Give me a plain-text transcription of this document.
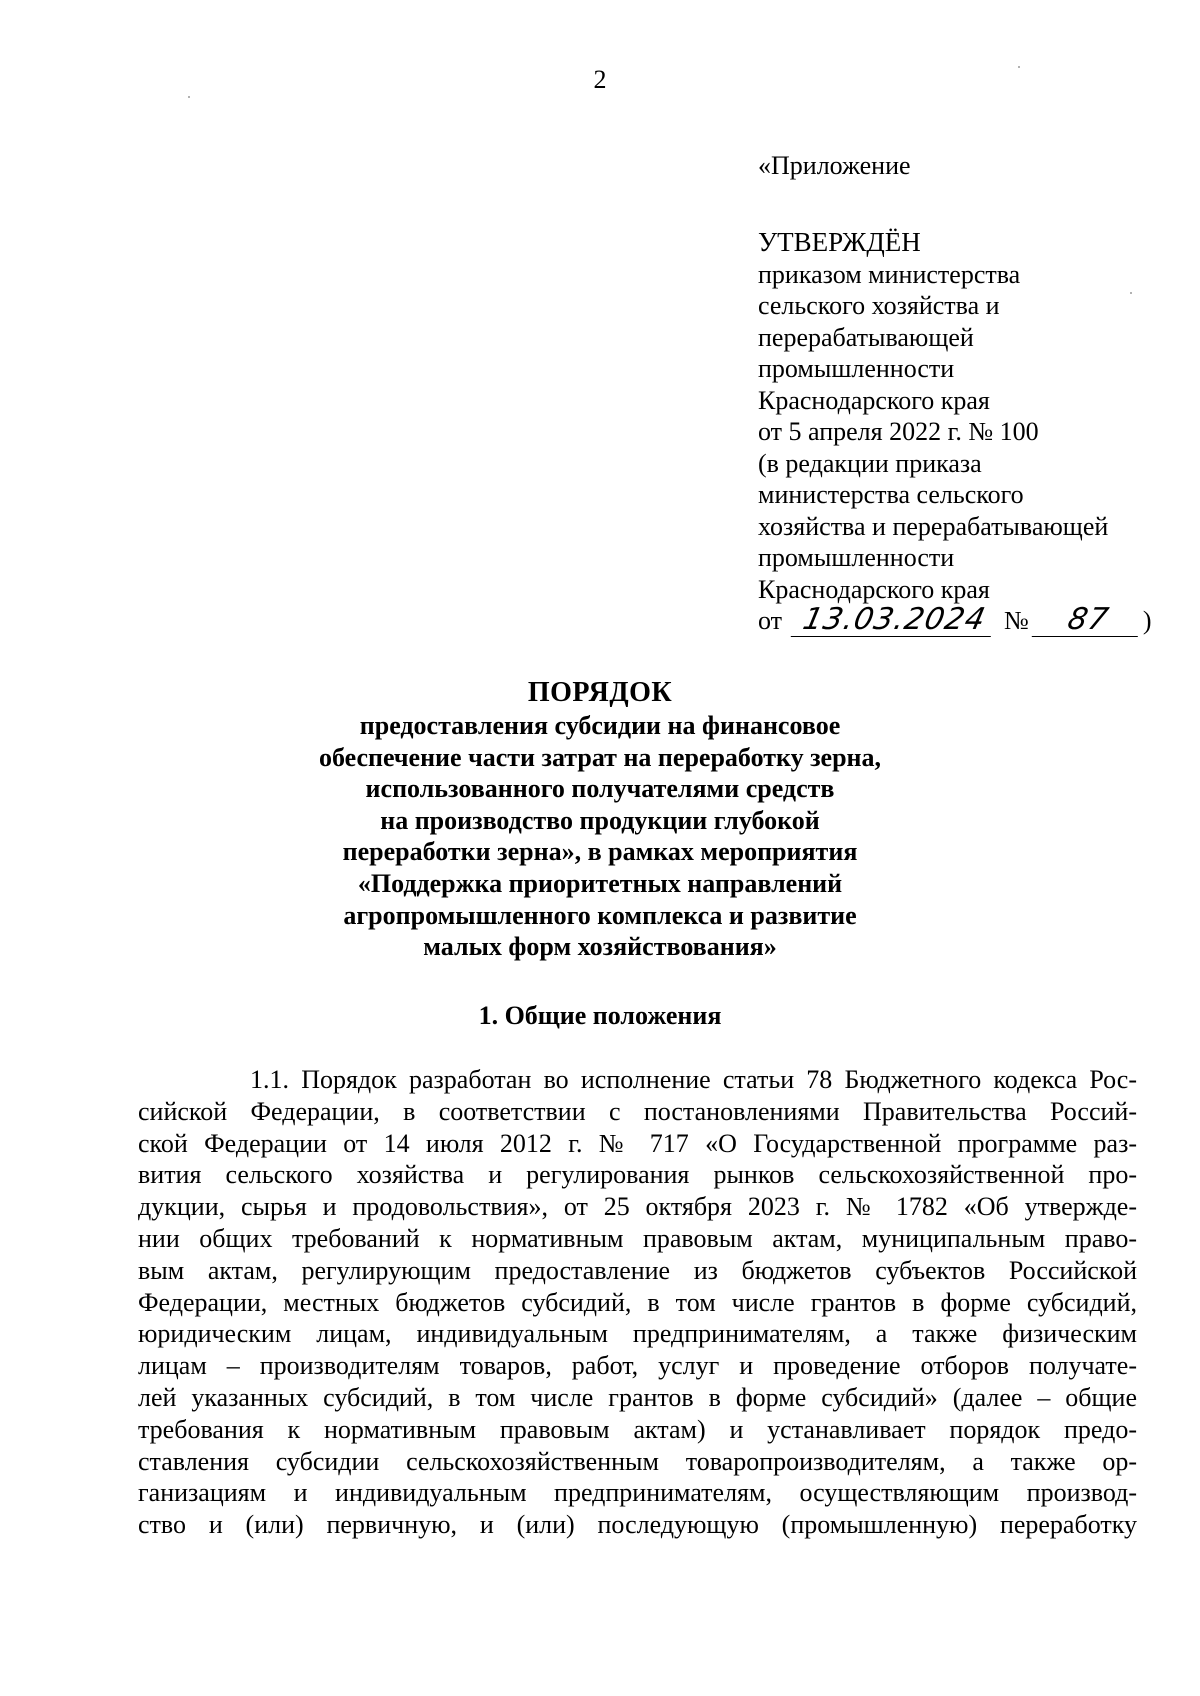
2
«Приложение
УТВЕРЖДЁН
приказом министерства
сельского хозяйства и
перерабатывающей
промышленности
Краснодарского края
от 5 апреля 2022 г. № 100
(в редакции приказа
министерства сельского
хозяйства и перерабатывающей
промышленности
Краснодарского края
от 13.03.2024 № 87 )
ПОРЯДОК
предоставления субсидии на финансовое
обеспечение части затрат на переработку зерна,
использованного получателями средств
на производство продукции глубокой
переработки зерна», в рамках мероприятия
«Поддержка приоритетных направлений
агропромышленного комплекса и развитие
малых форм хозяйствования»
1. Общие положения
1.1. Порядок разработан во исполнение статьи 78 Бюджетного кодекса Рос-
сийской Федерации, в соответствии с постановлениями Правительства Россий-
ской Федерации от 14 июля 2012 г. № 717 «О Государственной программе раз-
вития сельского хозяйства и регулирования рынков сельскохозяйственной про-
дукции, сырья и продовольствия», от 25 октября 2023 г. № 1782 «Об утвержде-
нии общих требований к нормативным правовым актам, муниципальным право-
вым актам, регулирующим предоставление из бюджетов субъектов Российской
Федерации, местных бюджетов субсидий, в том числе грантов в форме субсидий,
юридическим лицам, индивидуальным предпринимателям, а также физическим
лицам – производителям товаров, работ, услуг и проведение отборов получате-
лей указанных субсидий, в том числе грантов в форме субсидий» (далее – общие
требования к нормативным правовым актам) и устанавливает порядок предо-
ставления субсидии сельскохозяйственным товаропроизводителям, а также ор-
ганизациям и индивидуальным предпринимателям, осуществляющим производ-
ство и (или) первичную, и (или) последующую (промышленную) переработку
